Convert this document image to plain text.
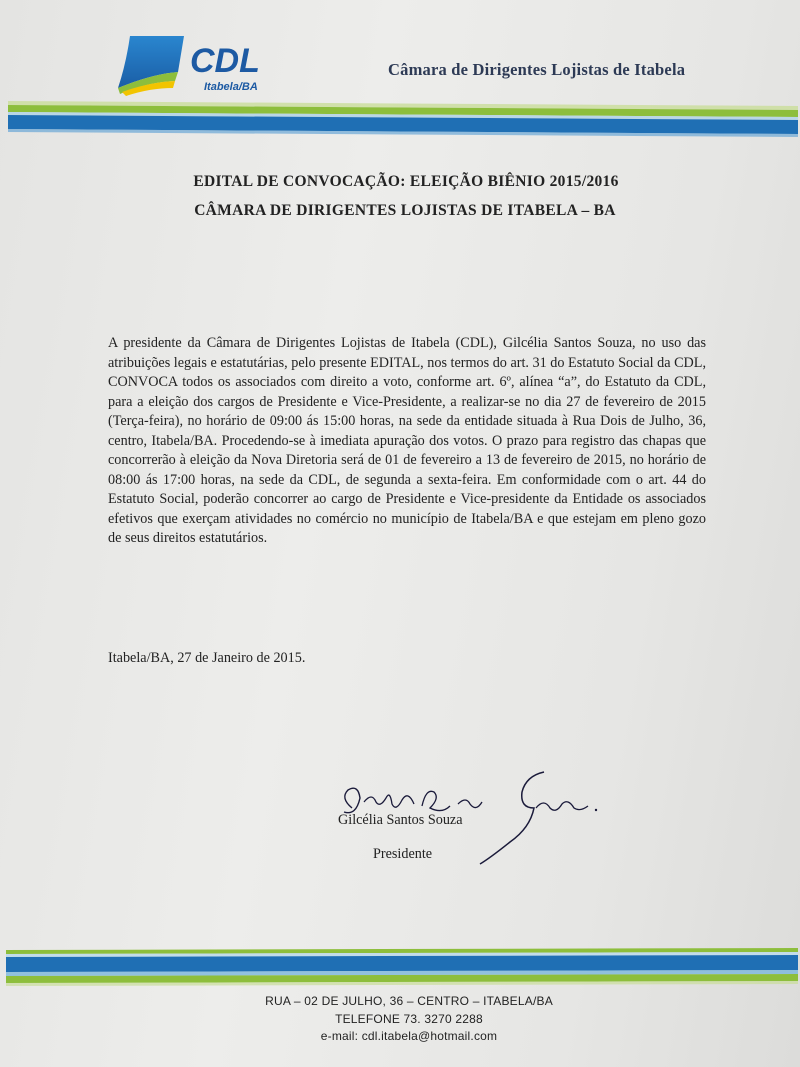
CDL
Itabela/BA
Câmara de Dirigentes Lojistas de Itabela
EDITAL DE CONVOCAÇÃO: ELEIÇÃO BIÊNIO 2015/2016
CÂMARA DE DIRIGENTES LOJISTAS DE ITABELA – BA
A presidente da Câmara de Dirigentes Lojistas de Itabela (CDL), Gilcélia Santos Souza, no uso das atribuições legais e estatutárias, pelo presente EDITAL, nos termos do art. 31 do Estatuto Social da CDL, CONVOCA todos os associados com direito a voto, conforme art. 6º, alínea “a”, do Estatuto da CDL, para a eleição dos cargos de Presidente e Vice-Presidente, a realizar-se no dia 27 de fevereiro de 2015 (Terça-feira), no horário de 09:00 ás 15:00 horas, na sede da entidade situada à Rua Dois de Julho, 36, centro, Itabela/BA. Procedendo-se à imediata apuração dos votos. O prazo para registro das chapas que concorrerão à eleição da Nova Diretoria será de 01 de fevereiro a 13 de fevereiro de 2015, no horário de 08:00 ás 17:00 horas, na sede da CDL, de segunda a sexta-feira. Em conformidade com o art. 44 do Estatuto Social, poderão concorrer ao cargo de Presidente e Vice-presidente da Entidade os associados efetivos que exerçam atividades no comércio no município de Itabela/BA e que estejam em pleno gozo de seus direitos estatutários.
Itabela/BA, 27 de Janeiro de 2015.
Gilcélia Santos Souza
Presidente
RUA – 02 DE JULHO, 36 – CENTRO – ITABELA/BA
TELEFONE 73. 3270 2288
e-mail: cdl.itabela@hotmail.com
